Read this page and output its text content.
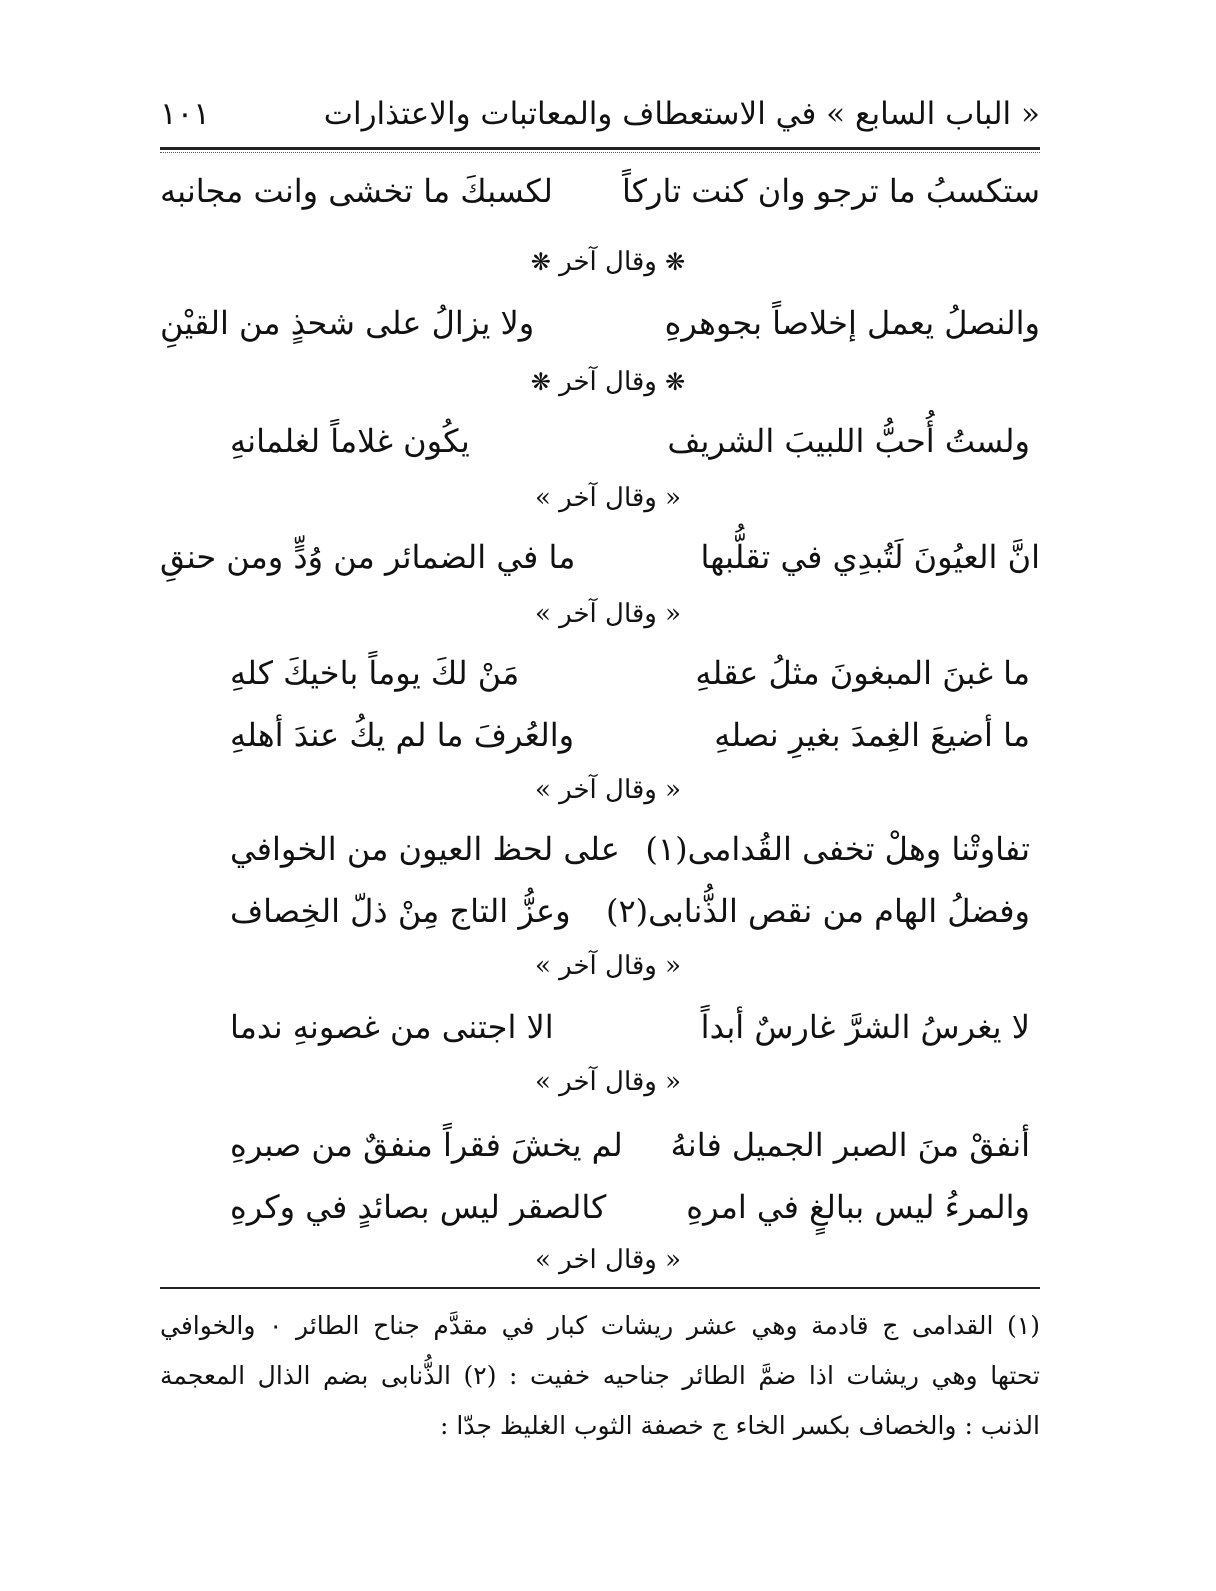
« الباب السابع » في الاستعطاف والمعاتبات والاعتذارات
١٠١
ستكسبُ ما ترجو وان كنت تاركاً
لكسبكَ ما تخشى وانت مجانبه
❋ وقال آخر ❋
والنصلُ يعمل إخلاصاً بجوهرهِ
ولا يزالُ على شحذٍ من القيْنِ
❋ وقال آخر ❋
ولستُ أُحبُّ اللبيبَ الشريف
يكُون غلاماً لغلمانهِ
« وقال آخر »
انَّ العيُونَ لَتُبدِي في تقلُّبها
ما في الضمائر من وُدٍّ ومن حنقِ
« وقال آخر »
ما غبنَ المبغونَ مثلُ عقلهِ
مَنْ لكَ يوماً باخيكَ كلهِ
ما أضيعَ الغِمدَ بغيرِ نصلهِ
والعُرفَ ما لم يكُ عندَ أهلهِ
« وقال آخر »
تفاوتْنا وهلْ تخفى القُدامى(١)
على لحظ العيون من الخوافي
وفضلُ الهام من نقص الذُّنابى(٢)
وعزُّ التاج مِنْ ذلّ الخِصاف
« وقال آخر »
لا يغرسُ الشرَّ غارسٌ أبداً
الا اجتنى من غصونهِ ندما
« وقال آخر »
أنفقْ منَ الصبر الجميل فانهُ
لم يخشَ فقراً منفقٌ من صبرهِ
والمرءُ ليس ببالغٍ في امرهِ
كالصقر ليس بصائدٍ في وكرهِ
« وقال اخر »
(١) القدامى ج قادمة وهي عشر ريشات كبار في مقدَّم جناح الطائر ٠ والخوافي
تحتها وهي ريشات اذا ضمَّ الطائر جناحيه خفيت : (٢) الذُّنابى بضم الذال المعجمة
الذنب : والخصاف بكسر الخاء ج خصفة الثوب الغليظ جدّا :
